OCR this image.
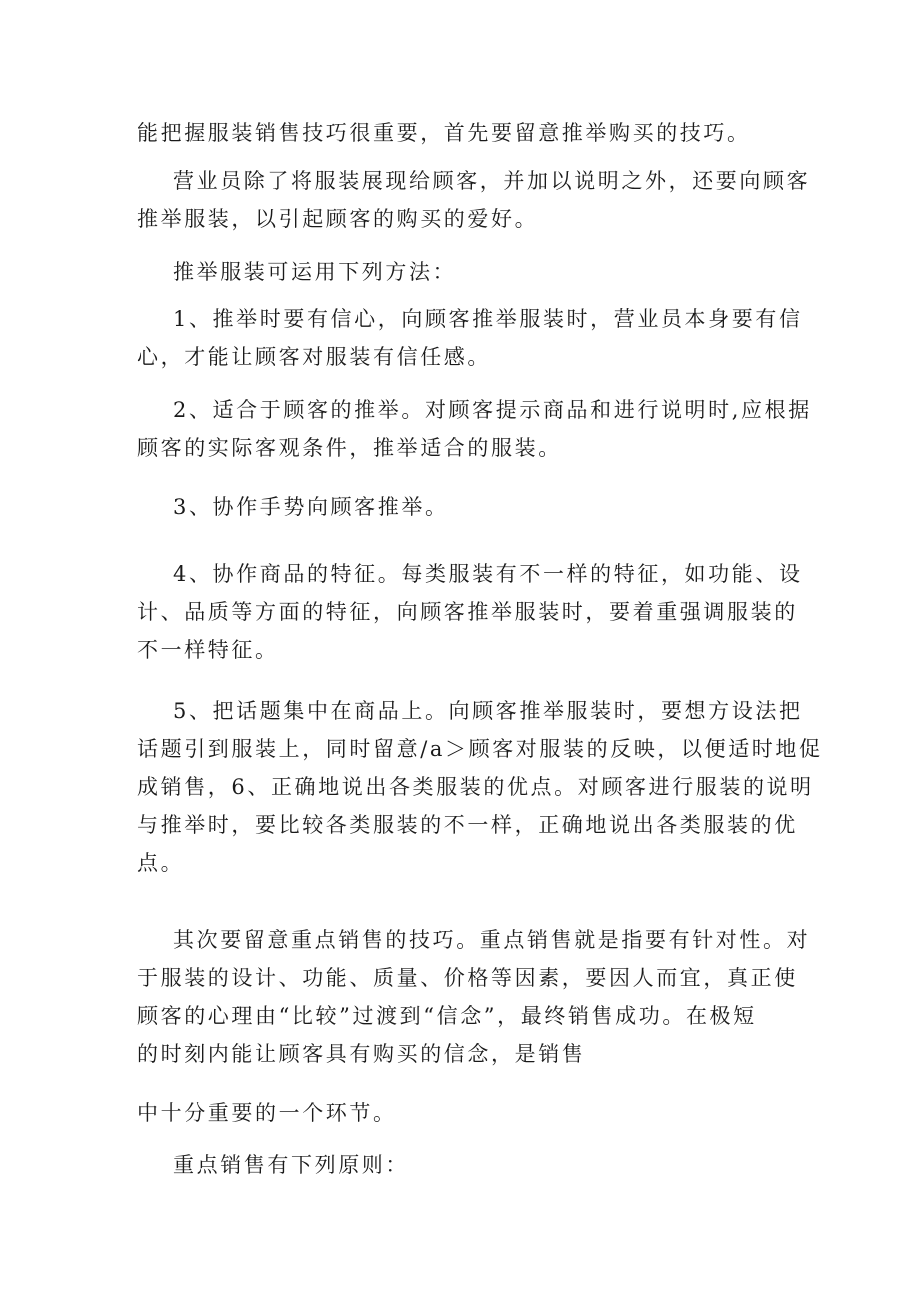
能把握服装销售技巧很重要，首先要留意推举购买的技巧。

营业员除了将服装展现给顾客，并加以说明之外，还要向顾客
推举服装，以引起顾客的购买的爱好。

推举服装可运用下列方法：

1、推举时要有信心，向顾客推举服装时，营业员本身要有信
心，才能让顾客对服装有信任感。

2、适合于顾客的推举。对顾客提示商品和进行说明时,应根据
顾客的实际客观条件，推举适合的服装。

3、协作手势向顾客推举。

4、协作商品的特征。每类服装有不一样的特征，如功能、设
计、品质等方面的特征，向顾客推举服装时，要着重强调服装的
不一样特征。

5、把话题集中在商品上。向顾客推举服装时，要想方设法把
话题引到服装上，同时留意/a＞顾客对服装的反映，以便适时地促
成销售，6、正确地说出各类服装的优点。对顾客进行服装的说明
与推举时，要比较各类服装的不一样，正确地说出各类服装的优
点。

其次要留意重点销售的技巧。重点销售就是指要有针对性。对
于服装的设计、功能、质量、价格等因素，要因人而宜，真正使
顾客的心理由“比较”过渡到“信念”，最终销售成功。在极短
的时刻内能让顾客具有购买的信念，是销售

中十分重要的一个环节。

重点销售有下列原则：
